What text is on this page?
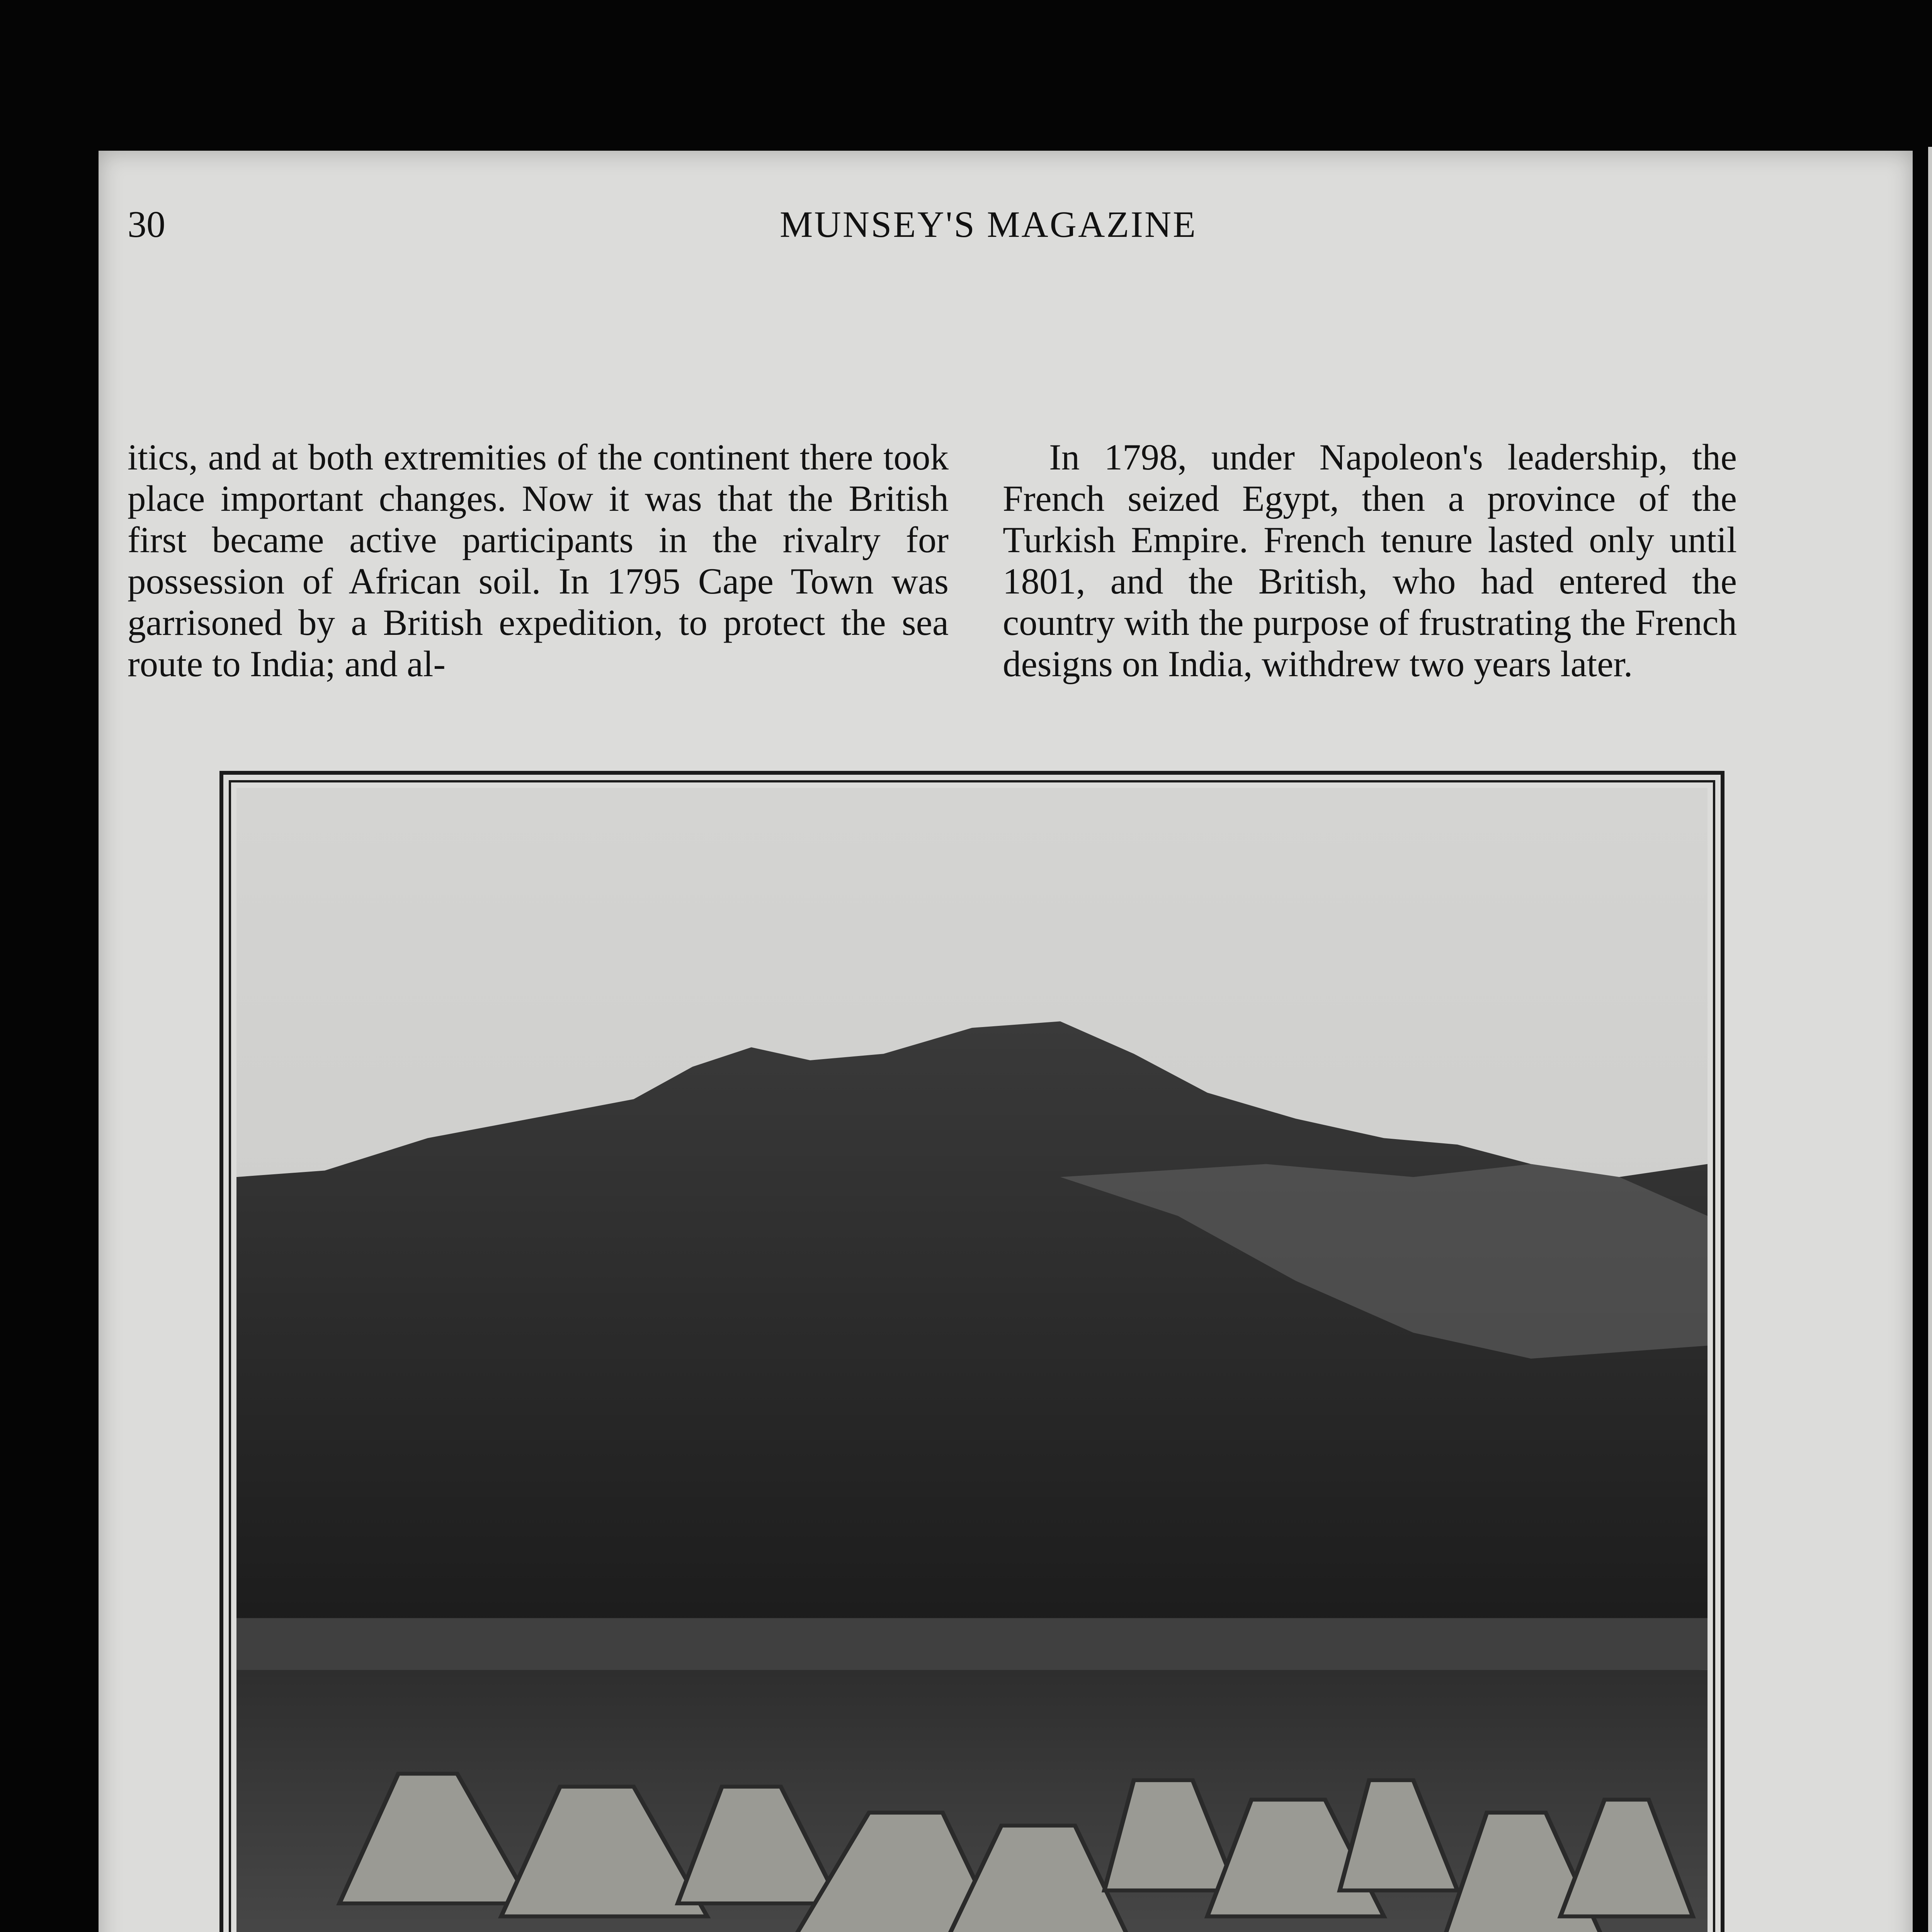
30	MUNSEY'S MAGAZINE

itics, and at both extremities of the continent there took place important changes. Now it was that the British first became active participants in the rivalry for possession of African soil. In 1795 Cape Town was garrisoned by a British expedition, to protect the sea route to India; and al-

In 1798, under Napoleon's leadership, the French seized Egypt, then a province of the Turkish Empire. French tenure lasted only until 1801, and the British, who had entered the country with the purpose of frustrating the French designs on India, withdrew two years later.
